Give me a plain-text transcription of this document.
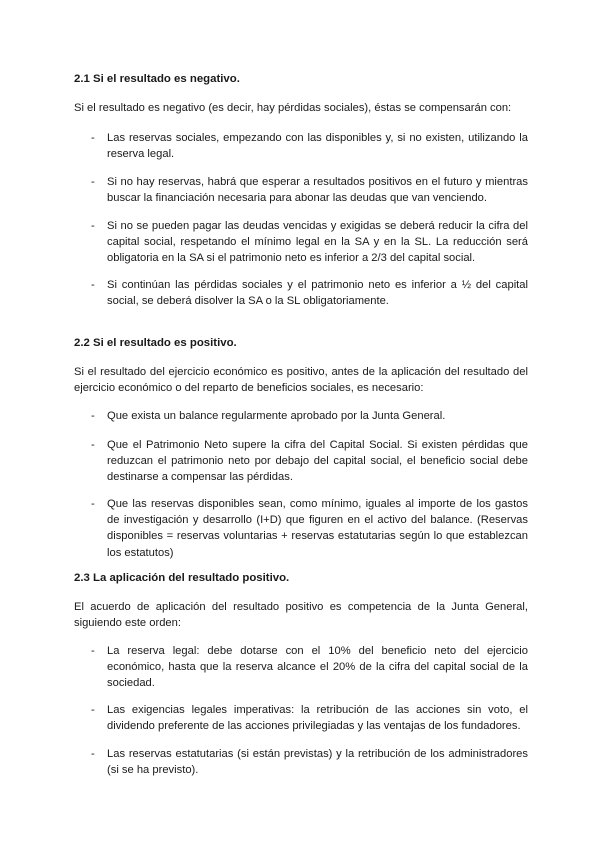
2.1 Si el resultado es negativo.

Si el resultado es negativo (es decir, hay pérdidas sociales), éstas se compensarán con:

- Las reservas sociales, empezando con las disponibles y, si no existen, utilizando la reserva legal.
- Si no hay reservas, habrá que esperar a resultados positivos en el futuro y mientras buscar la financiación necesaria para abonar las deudas que van venciendo.
- Si no se pueden pagar las deudas vencidas y exigidas se deberá reducir la cifra del capital social, respetando el mínimo legal en la SA y en la SL. La reducción será obligatoria en la SA si el patrimonio neto es inferior a 2/3 del capital social.
- Si continúan las pérdidas sociales y el patrimonio neto es inferior a ½ del capital social, se deberá disolver la SA o la SL obligatoriamente.
2.2 Si el resultado es positivo.

Si el resultado del ejercicio económico es positivo, antes de la aplicación del resultado del ejercicio económico o del reparto de beneficios sociales, es necesario:

- Que exista un balance regularmente aprobado por la Junta General.
- Que el Patrimonio Neto supere la cifra del Capital Social. Si existen pérdidas que reduzcan el patrimonio neto por debajo del capital social, el beneficio social debe destinarse a compensar las pérdidas.
- Que las reservas disponibles sean, como mínimo, iguales al importe de los gastos de investigación y desarrollo (I+D) que figuren en el activo del balance. (Reservas disponibles = reservas voluntarias + reservas estatutarias según lo que establezcan los estatutos)
2.3 La aplicación del resultado positivo.

El acuerdo de aplicación del resultado positivo es competencia de la Junta General, siguiendo este orden:

- La reserva legal: debe dotarse con el 10% del beneficio neto del ejercicio económico, hasta que la reserva alcance el 20% de la cifra del capital social de la sociedad.
- Las exigencias legales imperativas: la retribución de las acciones sin voto, el dividendo preferente de las acciones privilegiadas y las ventajas de los fundadores.
- Las reservas estatutarias (si están previstas) y la retribución de los administradores (si se ha previsto).
